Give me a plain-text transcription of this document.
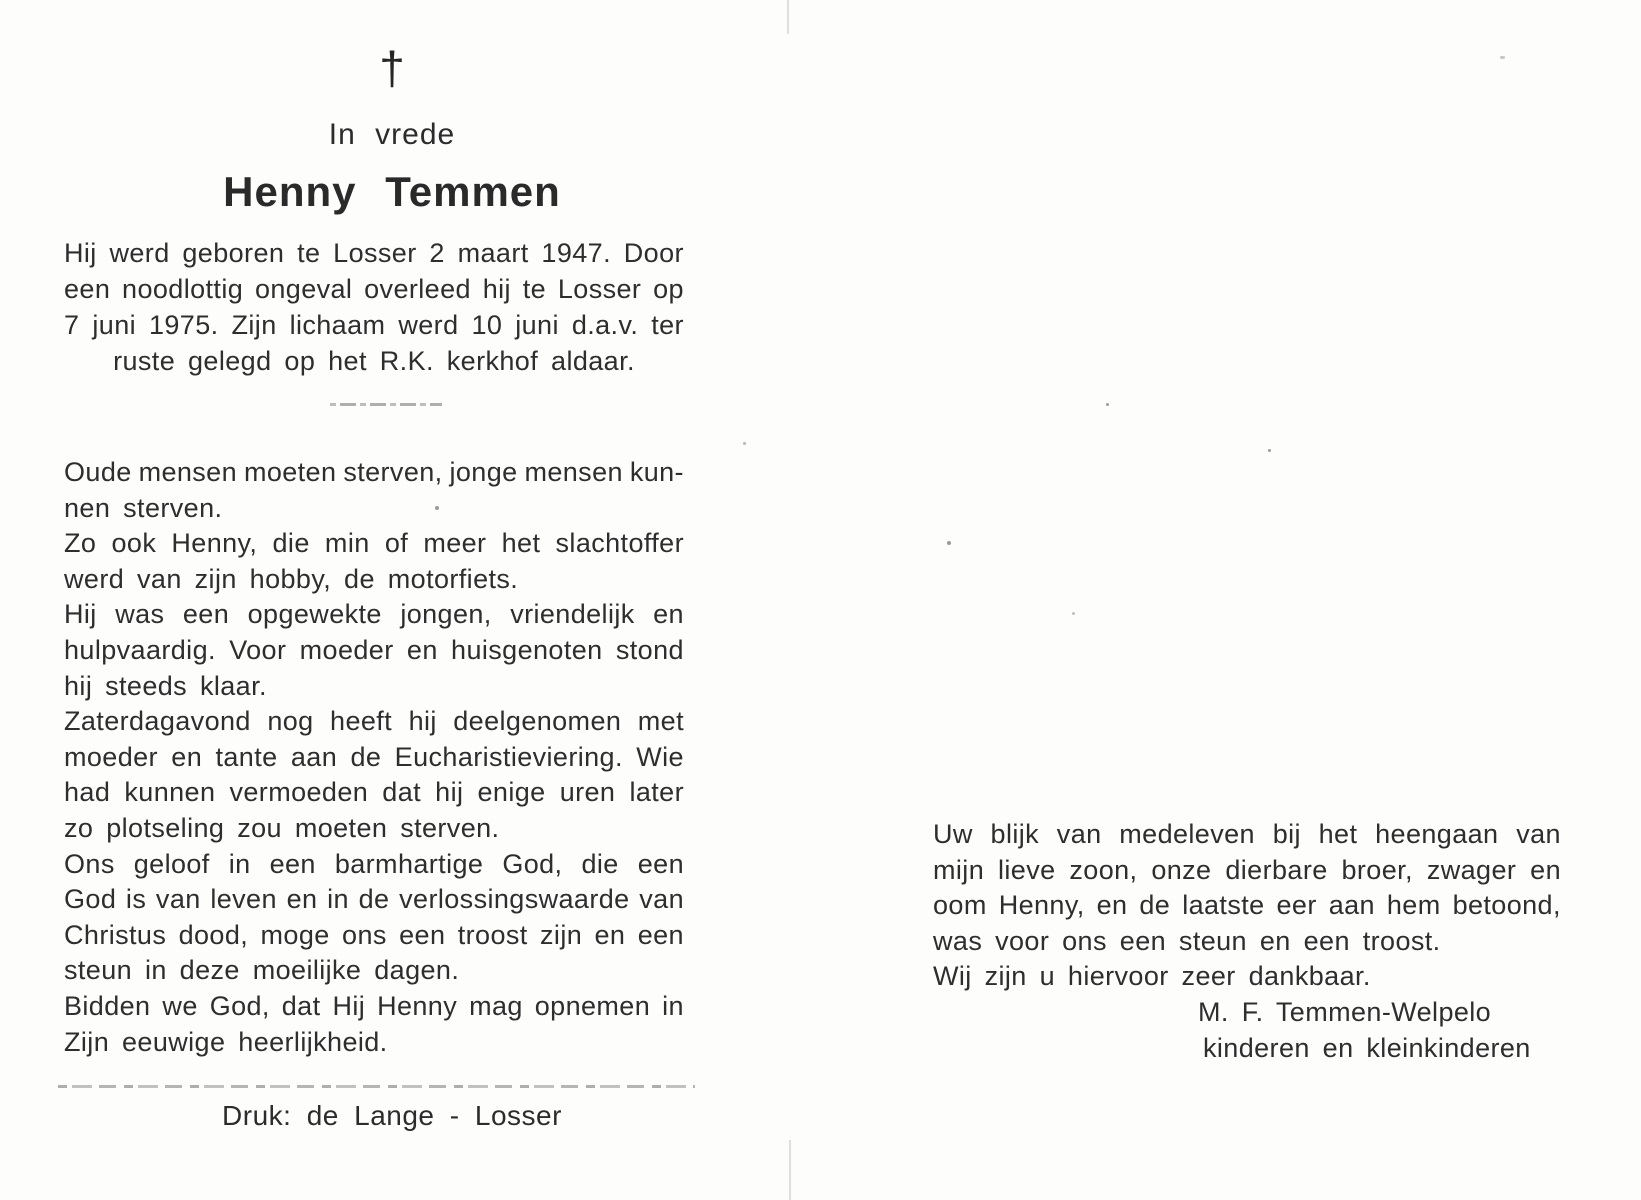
†
In vrede
Henny Temmen
Hij werd geboren te Losser 2 maart 1947. Door
een noodlottig ongeval overleed hij te Losser op
7 juni 1975. Zijn lichaam werd 10 juni d.a.v. ter
ruste gelegd op het R.K. kerkhof aldaar.
Oude mensen moeten sterven, jonge mensen kun-
nen sterven.
Zo ook Henny, die min of meer het slachtoffer
werd van zijn hobby, de motorfiets.
Hij was een opgewekte jongen, vriendelijk en
hulpvaardig. Voor moeder en huisgenoten stond
hij steeds klaar.
Zaterdagavond nog heeft hij deelgenomen met
moeder en tante aan de Eucharistieviering. Wie
had kunnen vermoeden dat hij enige uren later
zo plotseling zou moeten sterven.
Ons geloof in een barmhartige God, die een
God is van leven en in de verlossingswaarde van
Christus dood, moge ons een troost zijn en een
steun in deze moeilijke dagen.
Bidden we God, dat Hij Henny mag opnemen in
Zijn eeuwige heerlijkheid.
Druk: de Lange - Losser
Uw blijk van medeleven bij het heengaan van
mijn lieve zoon, onze dierbare broer, zwager en
oom Henny, en de laatste eer aan hem betoond,
was voor ons een steun en een troost.
Wij zijn u hiervoor zeer dankbaar.
M. F. Temmen-Welpelo
kinderen en kleinkinderen
